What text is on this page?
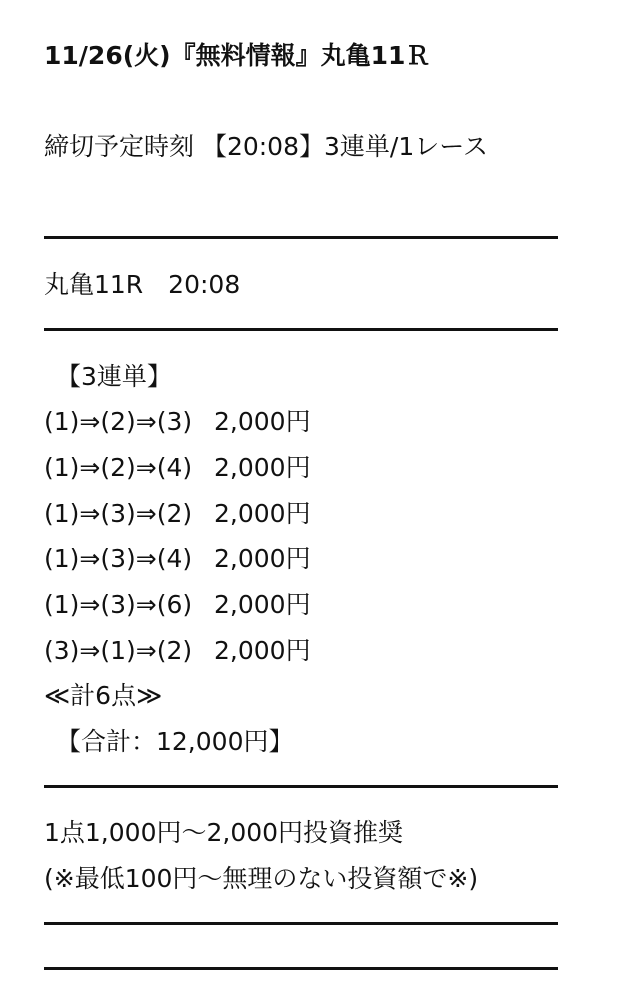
11/26(火)『無料情報』丸亀11Ｒ
締切予定時刻 【20:08】3連単/1レース
丸亀11R　20:08
【3連単】
(1)⇒(2)⇒(3) 2,000円
(1)⇒(2)⇒(4) 2,000円
(1)⇒(3)⇒(2) 2,000円
(1)⇒(3)⇒(4) 2,000円
(1)⇒(3)⇒(6) 2,000円
(3)⇒(1)⇒(2) 2,000円
≪計6点≫
【合計：12,000円】
1点1,000円～2,000円投資推奨
(※最低100円～無理のない投資額で※)
